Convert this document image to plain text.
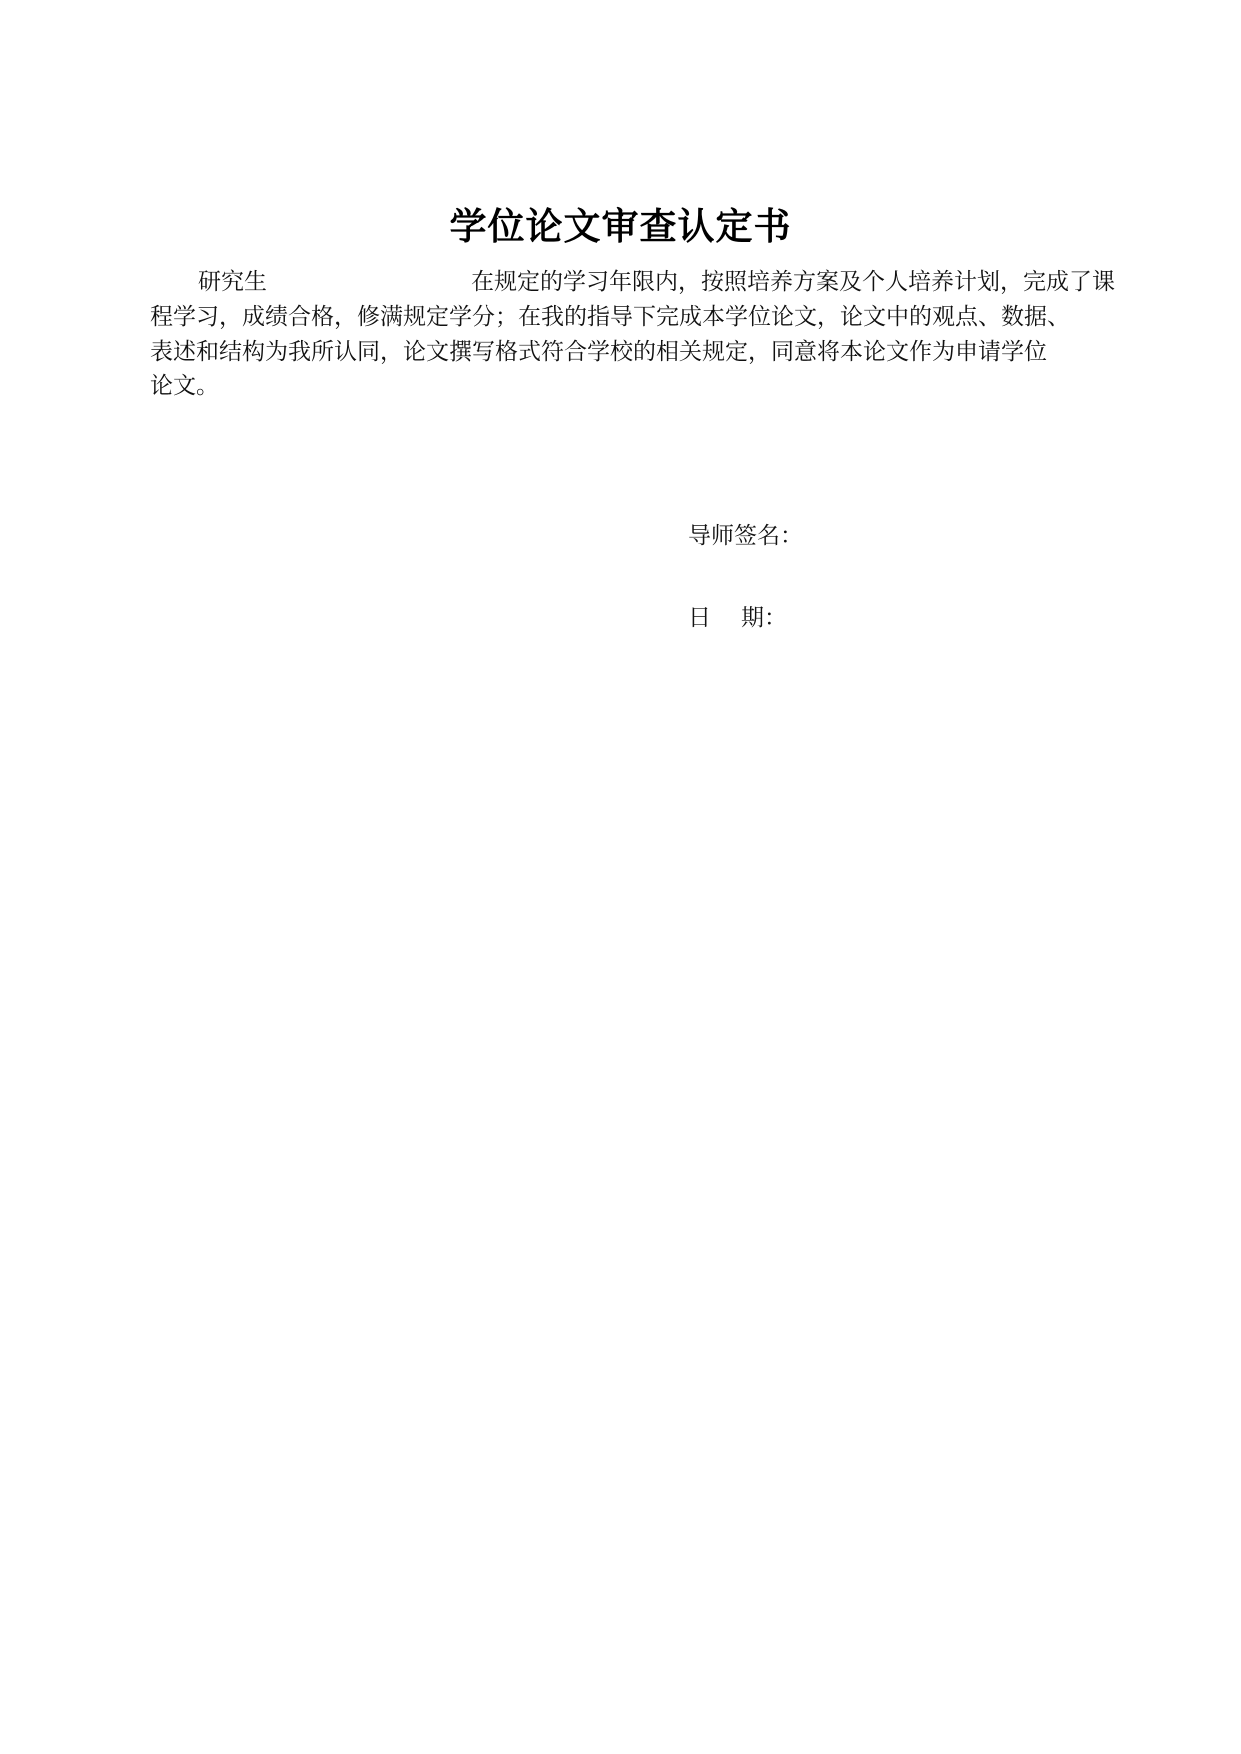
学位论文审查认定书
研究生	在规定的学习年限内，按照培养方案及个人培养计划，完成了课
程学习，成绩合格，修满规定学分；在我的指导下完成本学位论文，论文中的观点、数据、
表述和结构为我所认同，论文撰写格式符合学校的相关规定，同意将本论文作为申请学位
论文。
导师签名：
日期：
